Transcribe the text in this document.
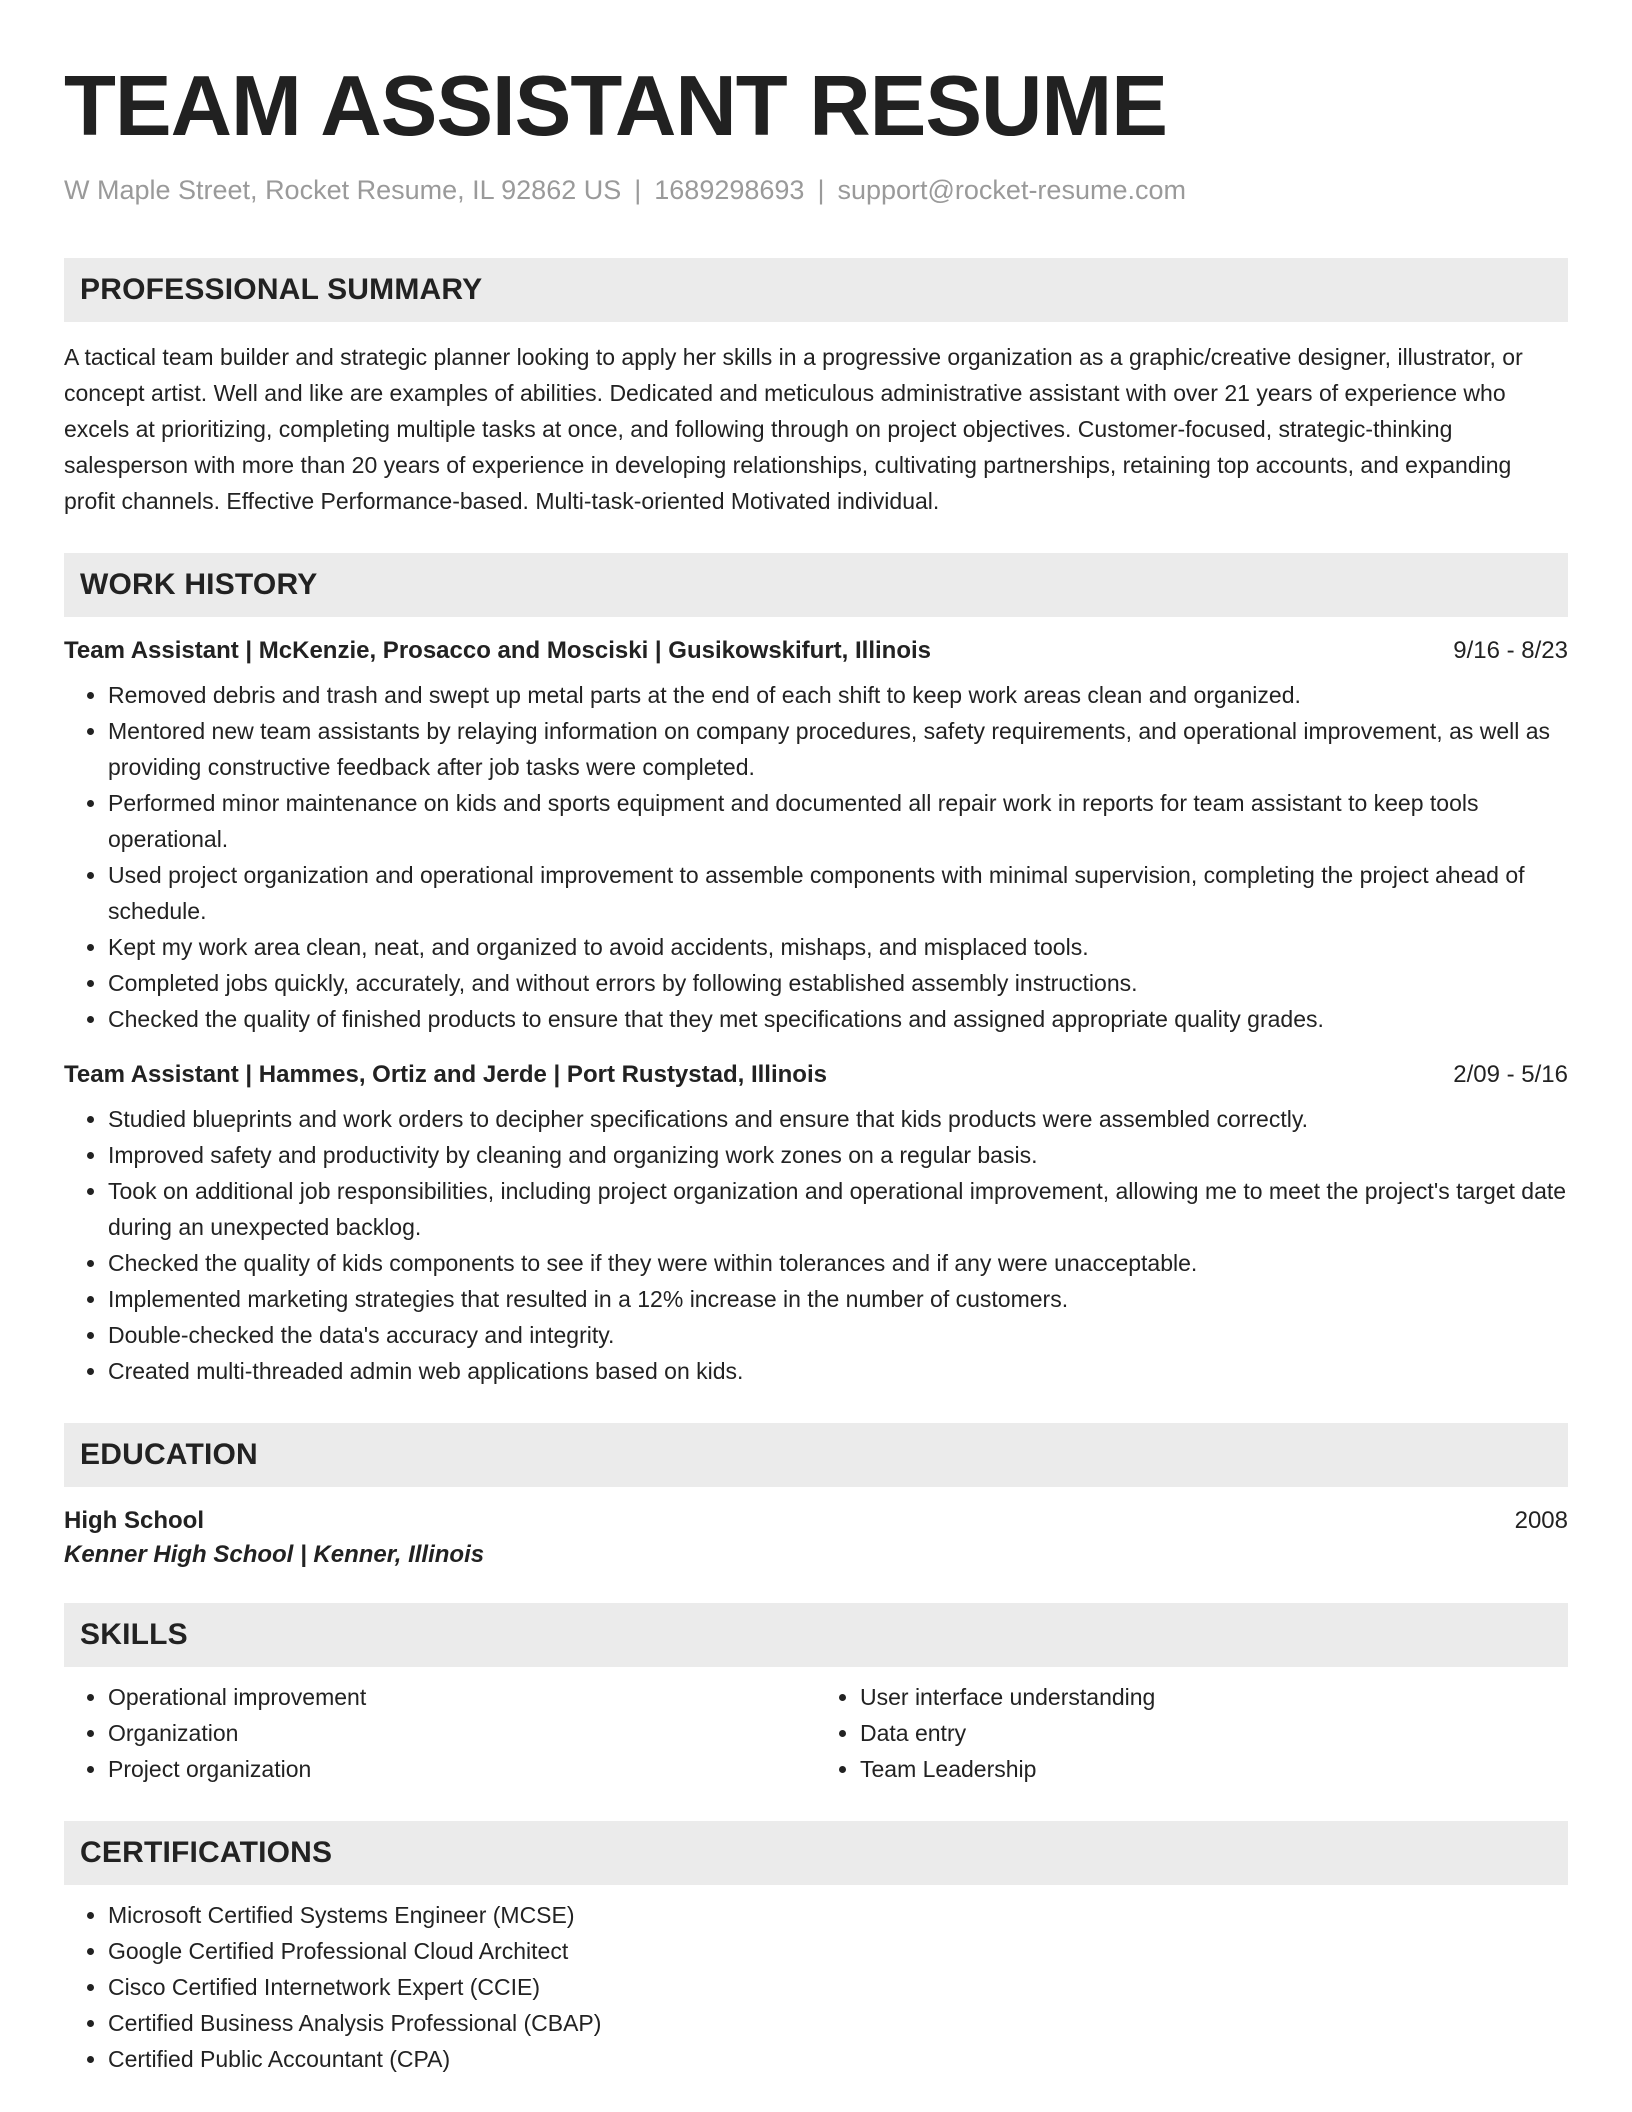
TEAM ASSISTANT RESUME
W Maple Street, Rocket Resume, IL 92862 US | 1689298693 | support@rocket-resume.com
PROFESSIONAL SUMMARY

A tactical team builder and strategic planner looking to apply her skills in a progressive organization as a graphic/creative designer, illustrator, or concept artist. Well and like are examples of abilities. Dedicated and meticulous administrative assistant with over 21 years of experience who excels at prioritizing, completing multiple tasks at once, and following through on project objectives. Customer-focused, strategic-thinking salesperson with more than 20 years of experience in developing relationships, cultivating partnerships, retaining top accounts, and expanding profit channels. Effective Performance-based. Multi-task-oriented Motivated individual.

WORK HISTORY
Team Assistant | McKenzie, Prosacco and Mosciski | Gusikowskifurt, Illinois	9/16 - 8/23
• Removed debris and trash and swept up metal parts at the end of each shift to keep work areas clean and organized.
• Mentored new team assistants by relaying information on company procedures, safety requirements, and operational improvement, as well as providing constructive feedback after job tasks were completed.
• Performed minor maintenance on kids and sports equipment and documented all repair work in reports for team assistant to keep tools operational.
• Used project organization and operational improvement to assemble components with minimal supervision, completing the project ahead of schedule.
• Kept my work area clean, neat, and organized to avoid accidents, mishaps, and misplaced tools.
• Completed jobs quickly, accurately, and without errors by following established assembly instructions.
• Checked the quality of finished products to ensure that they met specifications and assigned appropriate quality grades.
Team Assistant | Hammes, Ortiz and Jerde | Port Rustystad, Illinois	2/09 - 5/16
• Studied blueprints and work orders to decipher specifications and ensure that kids products were assembled correctly.
• Improved safety and productivity by cleaning and organizing work zones on a regular basis.
• Took on additional job responsibilities, including project organization and operational improvement, allowing me to meet the project's target date during an unexpected backlog.
• Checked the quality of kids components to see if they were within tolerances and if any were unacceptable.
• Implemented marketing strategies that resulted in a 12% increase in the number of customers.
• Double-checked the data's accuracy and integrity.
• Created multi-threaded admin web applications based on kids.
EDUCATION
High School	2008
Kenner High School | Kenner, Illinois
SKILLS
• Operational improvement
• Organization
• Project organization
• User interface understanding
• Data entry
• Team Leadership
CERTIFICATIONS
• Microsoft Certified Systems Engineer (MCSE)
• Google Certified Professional Cloud Architect
• Cisco Certified Internetwork Expert (CCIE)
• Certified Business Analysis Professional (CBAP)
• Certified Public Accountant (CPA)
